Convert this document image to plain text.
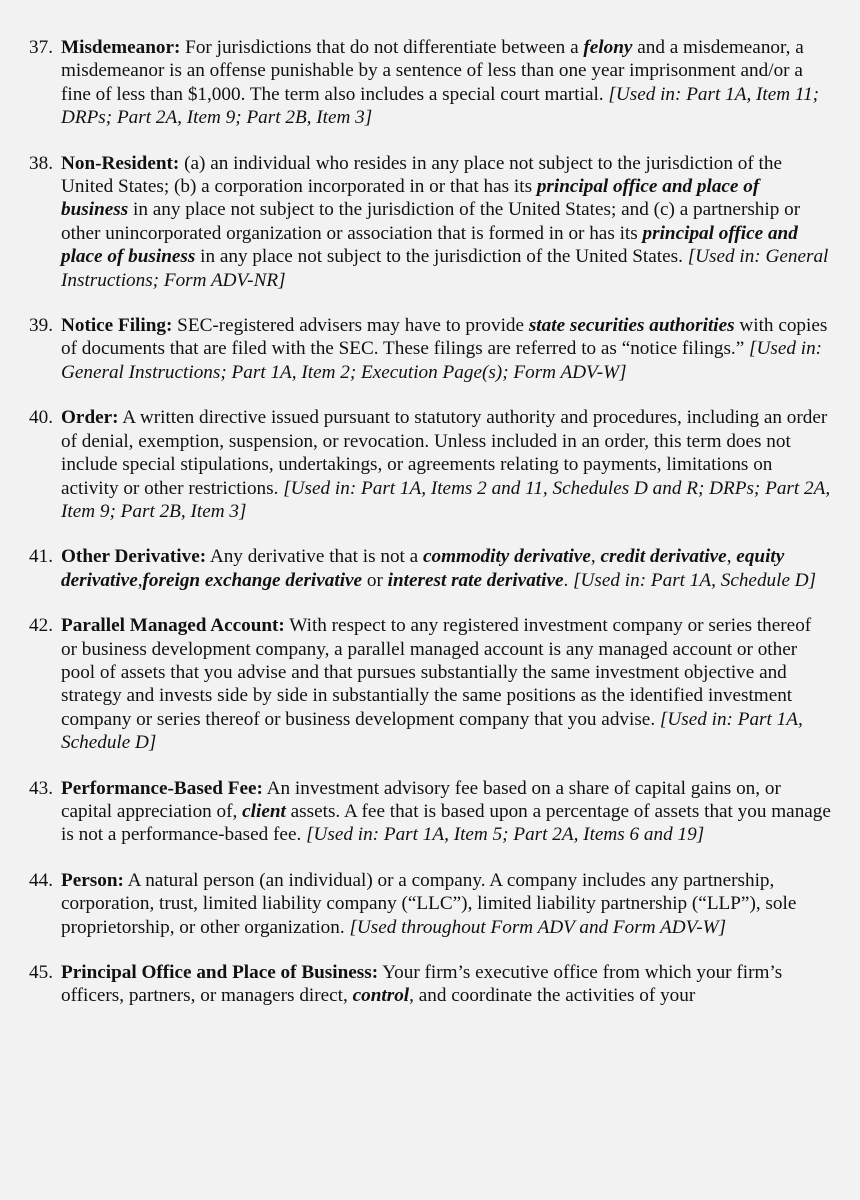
37. Misdemeanor: For jurisdictions that do not differentiate between a felony and a misdemeanor, a misdemeanor is an offense punishable by a sentence of less than one year imprisonment and/or a fine of less than $1,000. The term also includes a special court martial. [Used in: Part 1A, Item 11; DRPs; Part 2A, Item 9; Part 2B, Item 3]
38. Non-Resident: (a) an individual who resides in any place not subject to the jurisdiction of the United States; (b) a corporation incorporated in or that has its principal office and place of business in any place not subject to the jurisdiction of the United States; and (c) a partnership or other unincorporated organization or association that is formed in or has its principal office and place of business in any place not subject to the jurisdiction of the United States. [Used in: General Instructions; Form ADV-NR]
39. Notice Filing: SEC-registered advisers may have to provide state securities authorities with copies of documents that are filed with the SEC. These filings are referred to as “notice filings.” [Used in: General Instructions; Part 1A, Item 2; Execution Page(s); Form ADV-W]
40. Order: A written directive issued pursuant to statutory authority and procedures, including an order of denial, exemption, suspension, or revocation. Unless included in an order, this term does not include special stipulations, undertakings, or agreements relating to payments, limitations on activity or other restrictions. [Used in: Part 1A, Items 2 and 11, Schedules D and R; DRPs; Part 2A, Item 9; Part 2B, Item 3]
41. Other Derivative: Any derivative that is not a commodity derivative, credit derivative, equity derivative,foreign exchange derivative or interest rate derivative. [Used in: Part 1A, Schedule D]
42. Parallel Managed Account: With respect to any registered investment company or series thereof or business development company, a parallel managed account is any managed account or other pool of assets that you advise and that pursues substantially the same investment objective and strategy and invests side by side in substantially the same positions as the identified investment company or series thereof or business development company that you advise. [Used in: Part 1A, Schedule D]
43. Performance-Based Fee: An investment advisory fee based on a share of capital gains on, or capital appreciation of, client assets. A fee that is based upon a percentage of assets that you manage is not a performance-based fee. [Used in: Part 1A, Item 5; Part 2A, Items 6 and 19]
44. Person: A natural person (an individual) or a company. A company includes any partnership, corporation, trust, limited liability company (“LLC”), limited liability partnership (“LLP”), sole proprietorship, or other organization. [Used throughout Form ADV and Form ADV-W]
45. Principal Office and Place of Business: Your firm’s executive office from which your firm’s officers, partners, or managers direct, control, and coordinate the activities of your
